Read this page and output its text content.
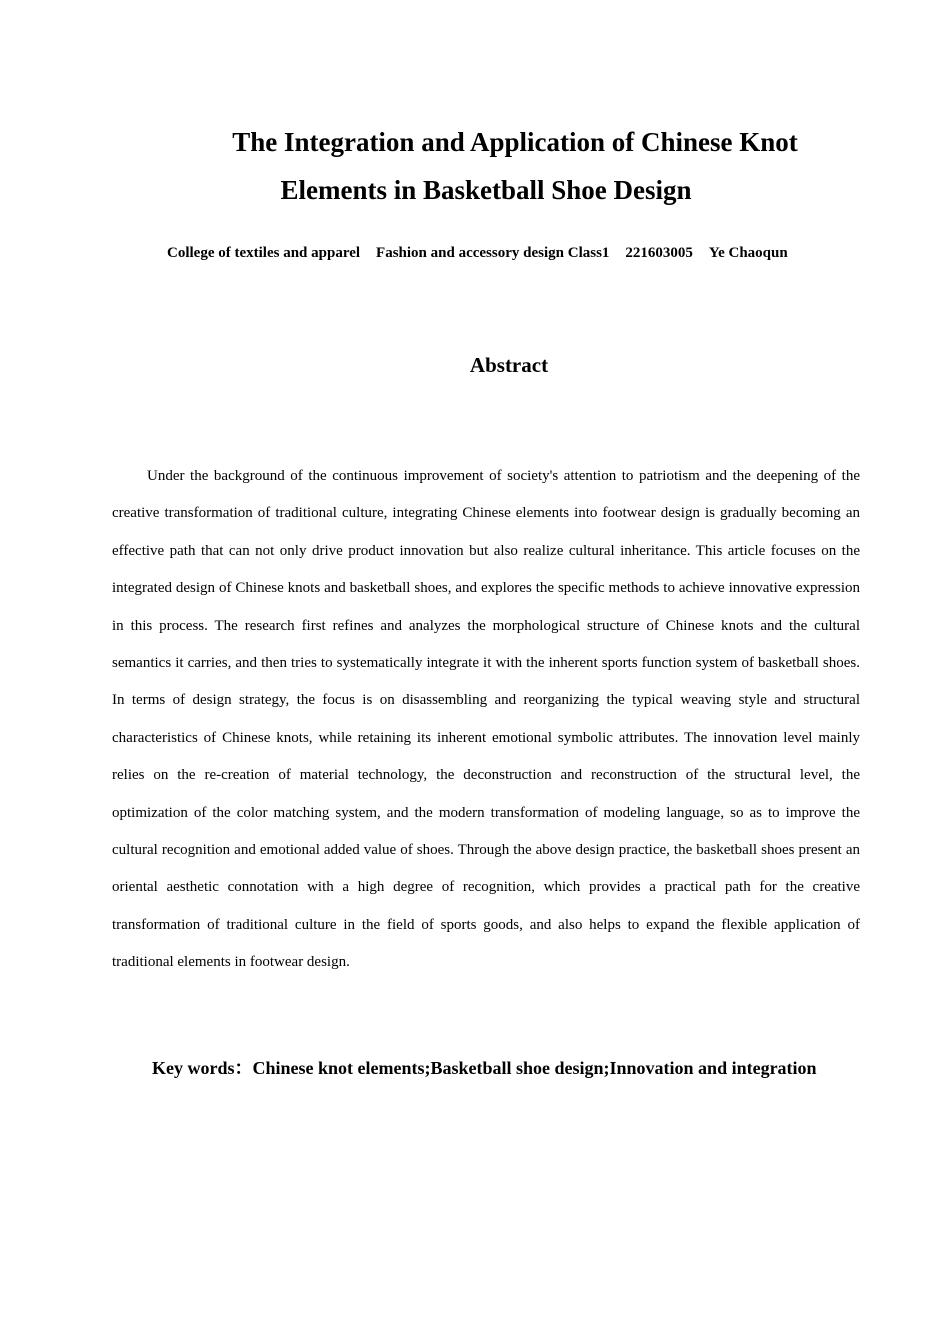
The Integration and Application of Chinese Knot
Elements in Basketball Shoe Design
College of textiles and apparel Fashion and accessory design Class1 221603005 Ye Chaoqun
Abstract

Under the background of the continuous improvement of society's attention to patriotism and the deepening of the creative transformation of traditional culture, integrating Chinese elements into footwear design is gradually becoming an effective path that can not only drive product innovation but also realize cultural inheritance. This article focuses on the integrated design of Chinese knots and basketball shoes, and explores the specific methods to achieve innovative expression in this process. The research first refines and analyzes the morphological structure of Chinese knots and the cultural semantics it carries, and then tries to systematically integrate it with the inherent sports function system of basketball shoes. In terms of design strategy, the focus is on disassembling and reorganizing the typical weaving style and structural characteristics of Chinese knots, while retaining its inherent emotional symbolic attributes. The innovation level mainly relies on the re-creation of material technology, the deconstruction and reconstruction of the structural level, the optimization of the color matching system, and the modern transformation of modeling language, so as to improve the cultural recognition and emotional added value of shoes. Through the above design practice, the basketball shoes present an oriental aesthetic connotation with a high degree of recognition, which provides a practical path for the creative transformation of traditional culture in the field of sports goods, and also helps to expand the flexible application of traditional elements in footwear design.

Key words：Chinese knot elements;Basketball shoe design;Innovation and integration
